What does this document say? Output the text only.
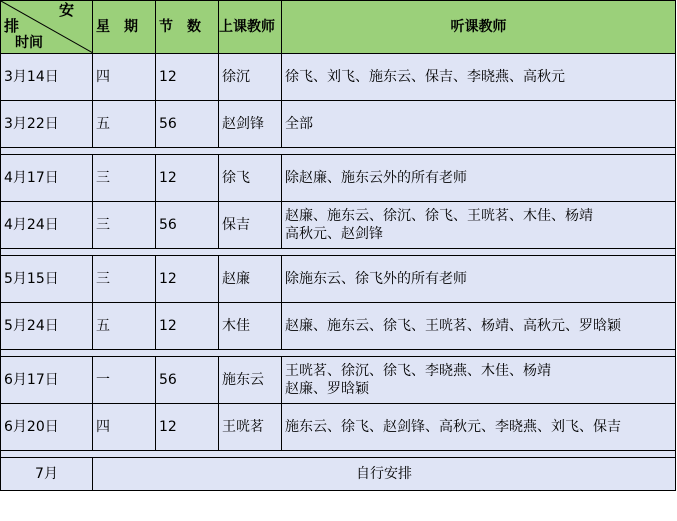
安
排
时间	星　期	节　数	上课教师	听课教师
3月14日	四	12	徐沉	徐飞、刘飞、施东云、保吉、李晓燕、高秋元

3月22日	五	56	赵剑锋	全部

4月17日	三	12	徐飞	除赵廉、施东云外的所有老师

4月24日	三	56	保吉	赵廉、施东云、徐沉、徐飞、王咣茗、木佳、杨靖
高秋元、赵剑锋

5月15日	三	12	赵廉	除施东云、徐飞外的所有老师

5月24日	五	12	木佳	赵廉、施东云、徐飞、王咣茗、杨靖、高秋元、罗晗颖

6月17日	一	56	施东云	王咣茗、徐沉、徐飞、李晓燕、木佳、杨靖
赵廉、罗晗颖

6月20日	四	12	王咣茗	施东云、徐飞、赵剑锋、高秋元、李晓燕、刘飞、保吉

7月	自行安排			
